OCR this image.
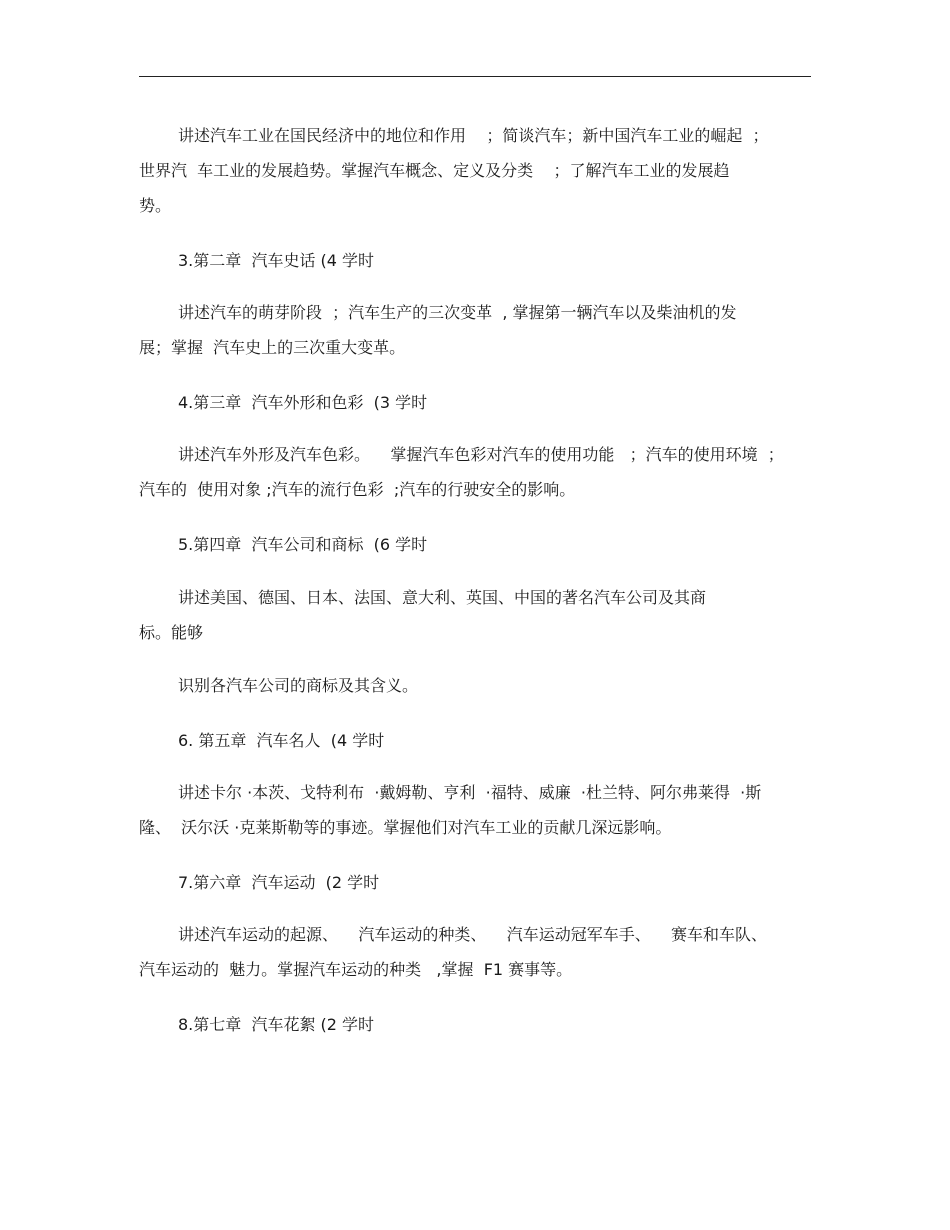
讲述汽车工业在国民经济中的地位和作用    ；简谈汽车；新中国汽车工业的崛起  ；
世界汽  车工业的发展趋势。掌握汽车概念、定义及分类    ；了解汽车工业的发展趋
势。
3.第二章  汽车史话 (4 学时
讲述汽车的萌芽阶段  ；汽车生产的三次变革  , 掌握第一辆汽车以及柴油机的发
展；掌握  汽车史上的三次重大变革。
4.第三章  汽车外形和色彩  (3 学时
讲述汽车外形及汽车色彩。    掌握汽车色彩对汽车的使用功能   ；汽车的使用环境  ；
汽车的  使用对象 ;汽车的流行色彩  ;汽车的行驶安全的影响。
5.第四章  汽车公司和商标  (6 学时
讲述美国、德国、日本、法国、意大利、英国、中国的著名汽车公司及其商
标。能够
识别各汽车公司的商标及其含义。
6. 第五章  汽车名人  (4 学时
讲述卡尔 ·本茨、戈特利布  ·戴姆勒、亨利  ·福特、威廉  ·杜兰特、阿尔弗莱得  ·斯
隆、  沃尔沃 ·克莱斯勒等的事迹。掌握他们对汽车工业的贡献几深远影响。
7.第六章  汽车运动  (2 学时
讲述汽车运动的起源、    汽车运动的种类、    汽车运动冠军车手、    赛车和车队、
汽车运动的  魅力。掌握汽车运动的种类   ,掌握  F1 赛事等。
8.第七章  汽车花絮 (2 学时
